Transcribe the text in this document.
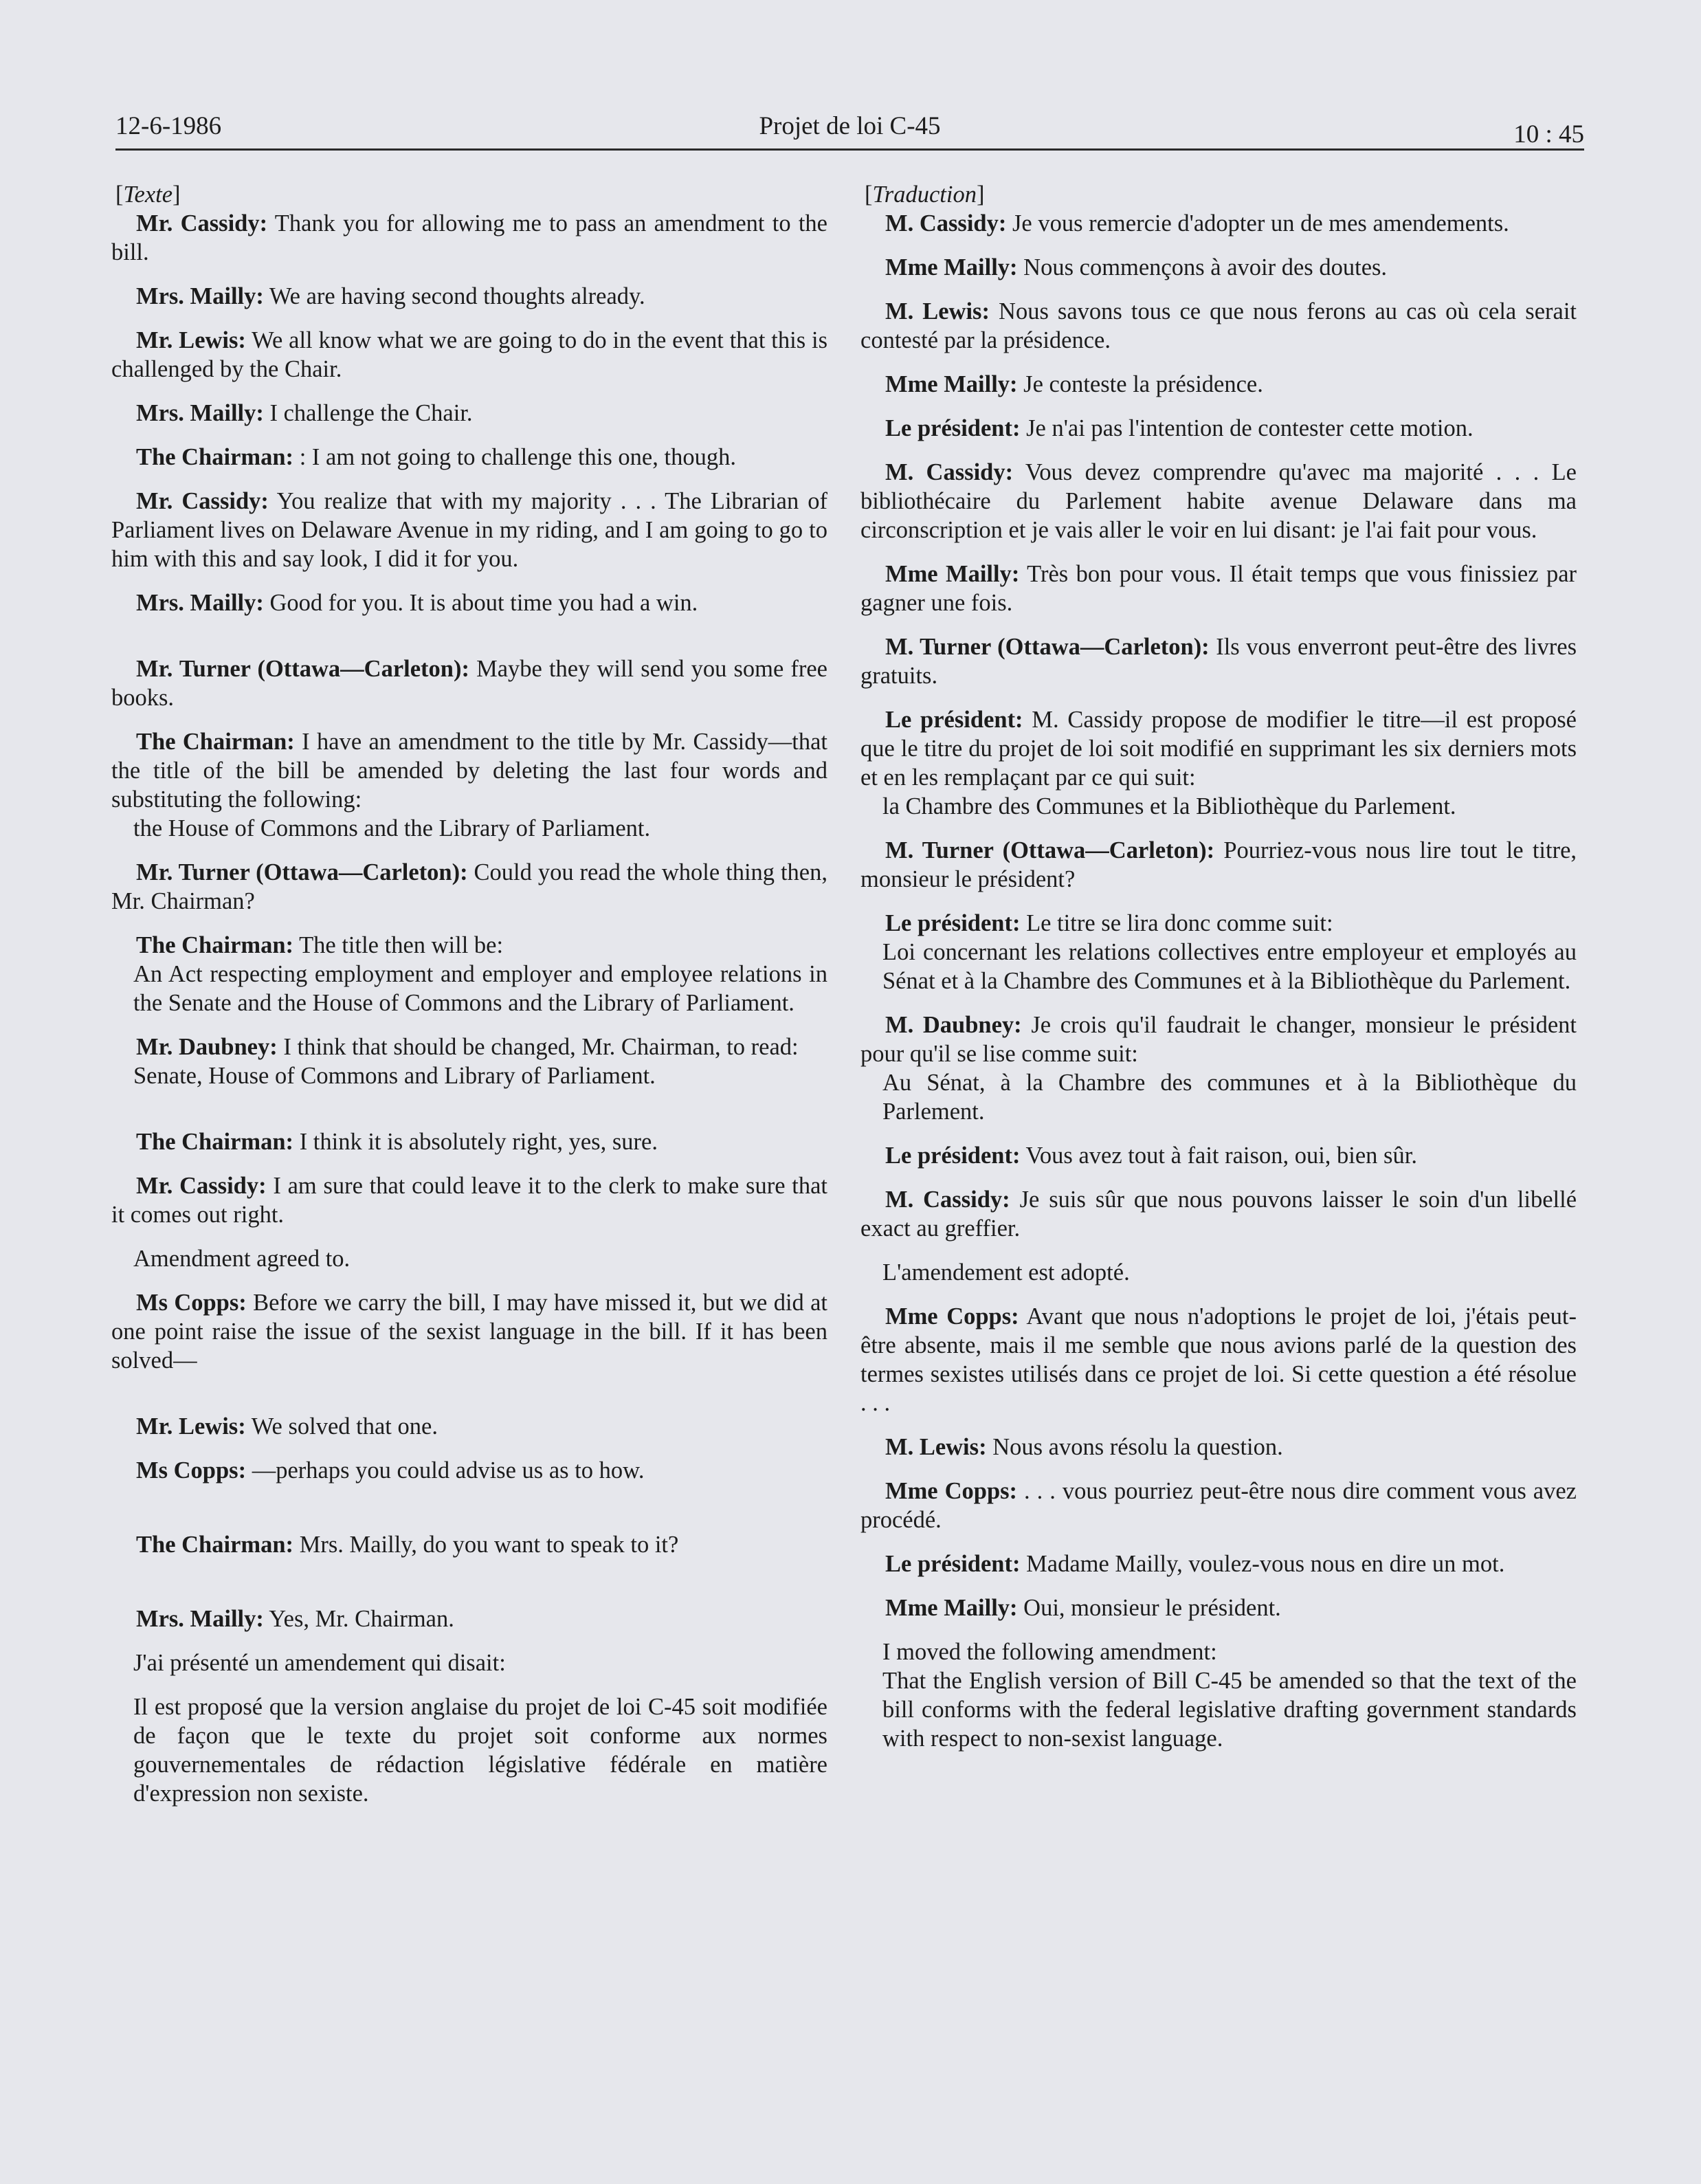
12-6-1986	Projet de loi C-45	10 : 45

[Texte]

Mr. Cassidy: Thank you for allowing me to pass an amendment to the bill.

Mrs. Mailly: We are having second thoughts already.

Mr. Lewis: We all know what we are going to do in the event that this is challenged by the Chair.

Mrs. Mailly: I challenge the Chair.

The Chairman: : I am not going to challenge this one, though.

Mr. Cassidy: You realize that with my majority . . . The Librarian of Parliament lives on Delaware Avenue in my riding, and I am going to go to him with this and say look, I did it for you.

Mrs. Mailly: Good for you. It is about time you had a win.

Mr. Turner (Ottawa—Carleton): Maybe they will send you some free books.

The Chairman: I have an amendment to the title by Mr. Cassidy—that the title of the bill be amended by deleting the last four words and substituting the following:

the House of Commons and the Library of Parliament.

Mr. Turner (Ottawa—Carleton): Could you read the whole thing then, Mr. Chairman?

The Chairman: The title then will be:

An Act respecting employment and employer and employee relations in the Senate and the House of Commons and the Library of Parliament.

Mr. Daubney: I think that should be changed, Mr. Chairman, to read:

Senate, House of Commons and Library of Parliament.

The Chairman: I think it is absolutely right, yes, sure.

Mr. Cassidy: I am sure that could leave it to the clerk to make sure that it comes out right.

Amendment agreed to.

Ms Copps: Before we carry the bill, I may have missed it, but we did at one point raise the issue of the sexist language in the bill. If it has been solved—

Mr. Lewis: We solved that one.

Ms Copps: —perhaps you could advise us as to how.

The Chairman: Mrs. Mailly, do you want to speak to it?

Mrs. Mailly: Yes, Mr. Chairman.

J'ai présenté un amendement qui disait:

Il est proposé que la version anglaise du projet de loi C-45 soit modifiée de façon que le texte du projet soit conforme aux normes gouvernementales de rédaction législative fédérale en matière d'expression non sexiste.

[Traduction]

M. Cassidy: Je vous remercie d'adopter un de mes amendements.

Mme Mailly: Nous commençons à avoir des doutes.

M. Lewis: Nous savons tous ce que nous ferons au cas où cela serait contesté par la présidence.

Mme Mailly: Je conteste la présidence.

Le président: Je n'ai pas l'intention de contester cette motion.

M. Cassidy: Vous devez comprendre qu'avec ma majorité . . . Le bibliothécaire du Parlement habite avenue Delaware dans ma circonscription et je vais aller le voir en lui disant: je l'ai fait pour vous.

Mme Mailly: Très bon pour vous. Il était temps que vous finissiez par gagner une fois.

M. Turner (Ottawa—Carleton): Ils vous enverront peut-être des livres gratuits.

Le président: M. Cassidy propose de modifier le titre—il est proposé que le titre du projet de loi soit modifié en supprimant les six derniers mots et en les remplaçant par ce qui suit:

la Chambre des Communes et la Bibliothèque du Parlement.

M. Turner (Ottawa—Carleton): Pourriez-vous nous lire tout le titre, monsieur le président?

Le président: Le titre se lira donc comme suit:

Loi concernant les relations collectives entre employeur et employés au Sénat et à la Chambre des Communes et à la Bibliothèque du Parlement.

M. Daubney: Je crois qu'il faudrait le changer, monsieur le président pour qu'il se lise comme suit:

Au Sénat, à la Chambre des communes et à la Bibliothèque du Parlement.

Le président: Vous avez tout à fait raison, oui, bien sûr.

M. Cassidy: Je suis sûr que nous pouvons laisser le soin d'un libellé exact au greffier.

L'amendement est adopté.

Mme Copps: Avant que nous n'adoptions le projet de loi, j'étais peut-être absente, mais il me semble que nous avions parlé de la question des termes sexistes utilisés dans ce projet de loi. Si cette question a été résolue . . .

M. Lewis: Nous avons résolu la question.

Mme Copps: . . . vous pourriez peut-être nous dire comment vous avez procédé.

Le président: Madame Mailly, voulez-vous nous en dire un mot.

Mme Mailly: Oui, monsieur le président.

I moved the following amendment:

That the English version of Bill C-45 be amended so that the text of the bill conforms with the federal legislative drafting government standards with respect to non-sexist language.
